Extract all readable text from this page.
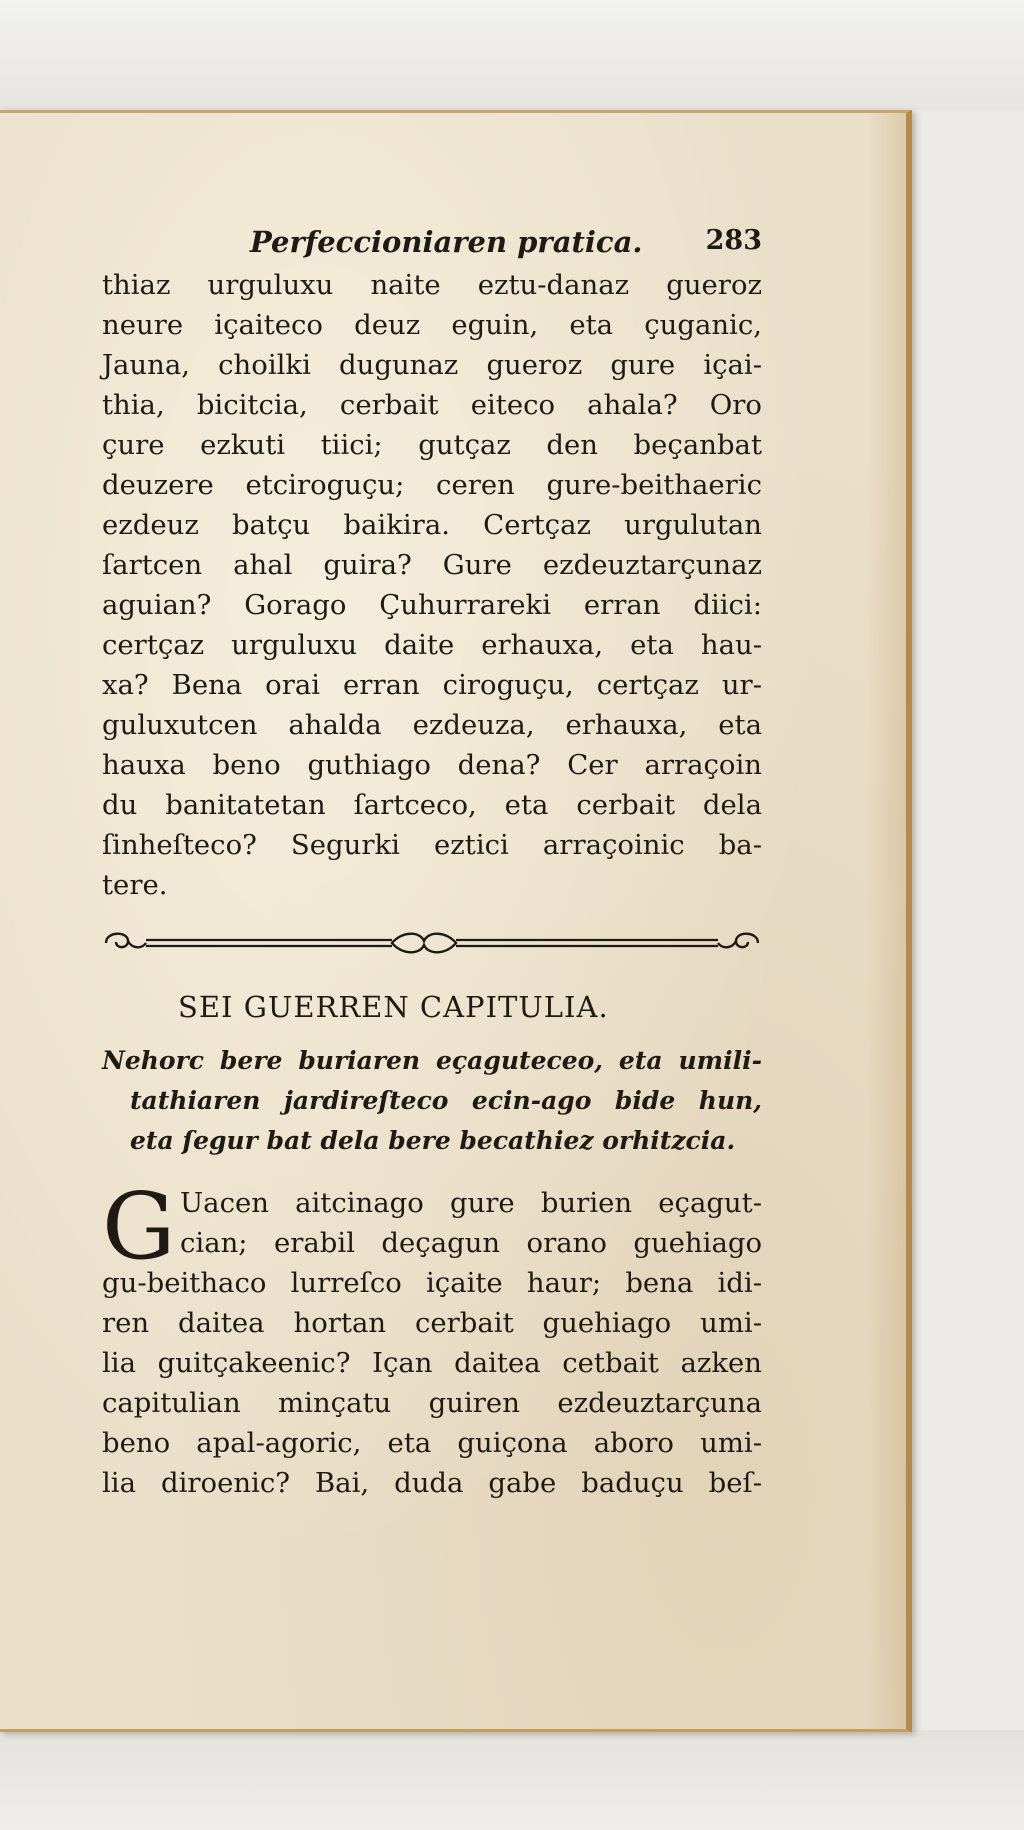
Perfeccioniaren pratica. 283
thiaz urguluxu naite eztu-danaz gueroz
neure içaiteco deuz eguin, eta çuganic,
Jauna, choilki dugunaz gueroz gure içai-
thia, bicitcia, cerbait eiteco ahala? Oro
çure ezkuti tiici; gutçaz den beçanbat
deuzere etciroguçu; ceren gure-beithaeric
ezdeuz batçu baikira. Certçaz urgulutan
ſartcen ahal guira? Gure ezdeuztarçunaz
aguian? Gorago Çuhurrareki erran diici:
certçaz urguluxu daite erhauxa, eta hau-
xa? Bena orai erran ciroguçu, certçaz ur-
guluxutcen ahalda ezdeuza, erhauxa, eta
hauxa beno guthiago dena? Cer arraçoin
du banitatetan ſartceco, eta cerbait dela
ſinheſteco? Segurki eztici arraçoinic ba-
tere.
SEI GUERREN CAPITULIA.
Nehorc bere buriaren eçaguteceo, eta umili-
tathiaren jardireſteco ecin-ago bide hun,
eta ſegur bat dela bere becathiez orhitzcia.
G Uacen aitcinago gure burien eçagut-
cian; erabil deçagun orano guehiago
gu-beithaco lurreſco içaite haur; bena idi-
ren daitea hortan cerbait guehiago umi-
lia guitçakeenic? Içan daitea cetbait azken
capitulian minçatu guiren ezdeuztarçuna
beno apal-agoric, eta guiçona aboro umi-
lia diroenic? Bai, duda gabe baduçu beſ-
